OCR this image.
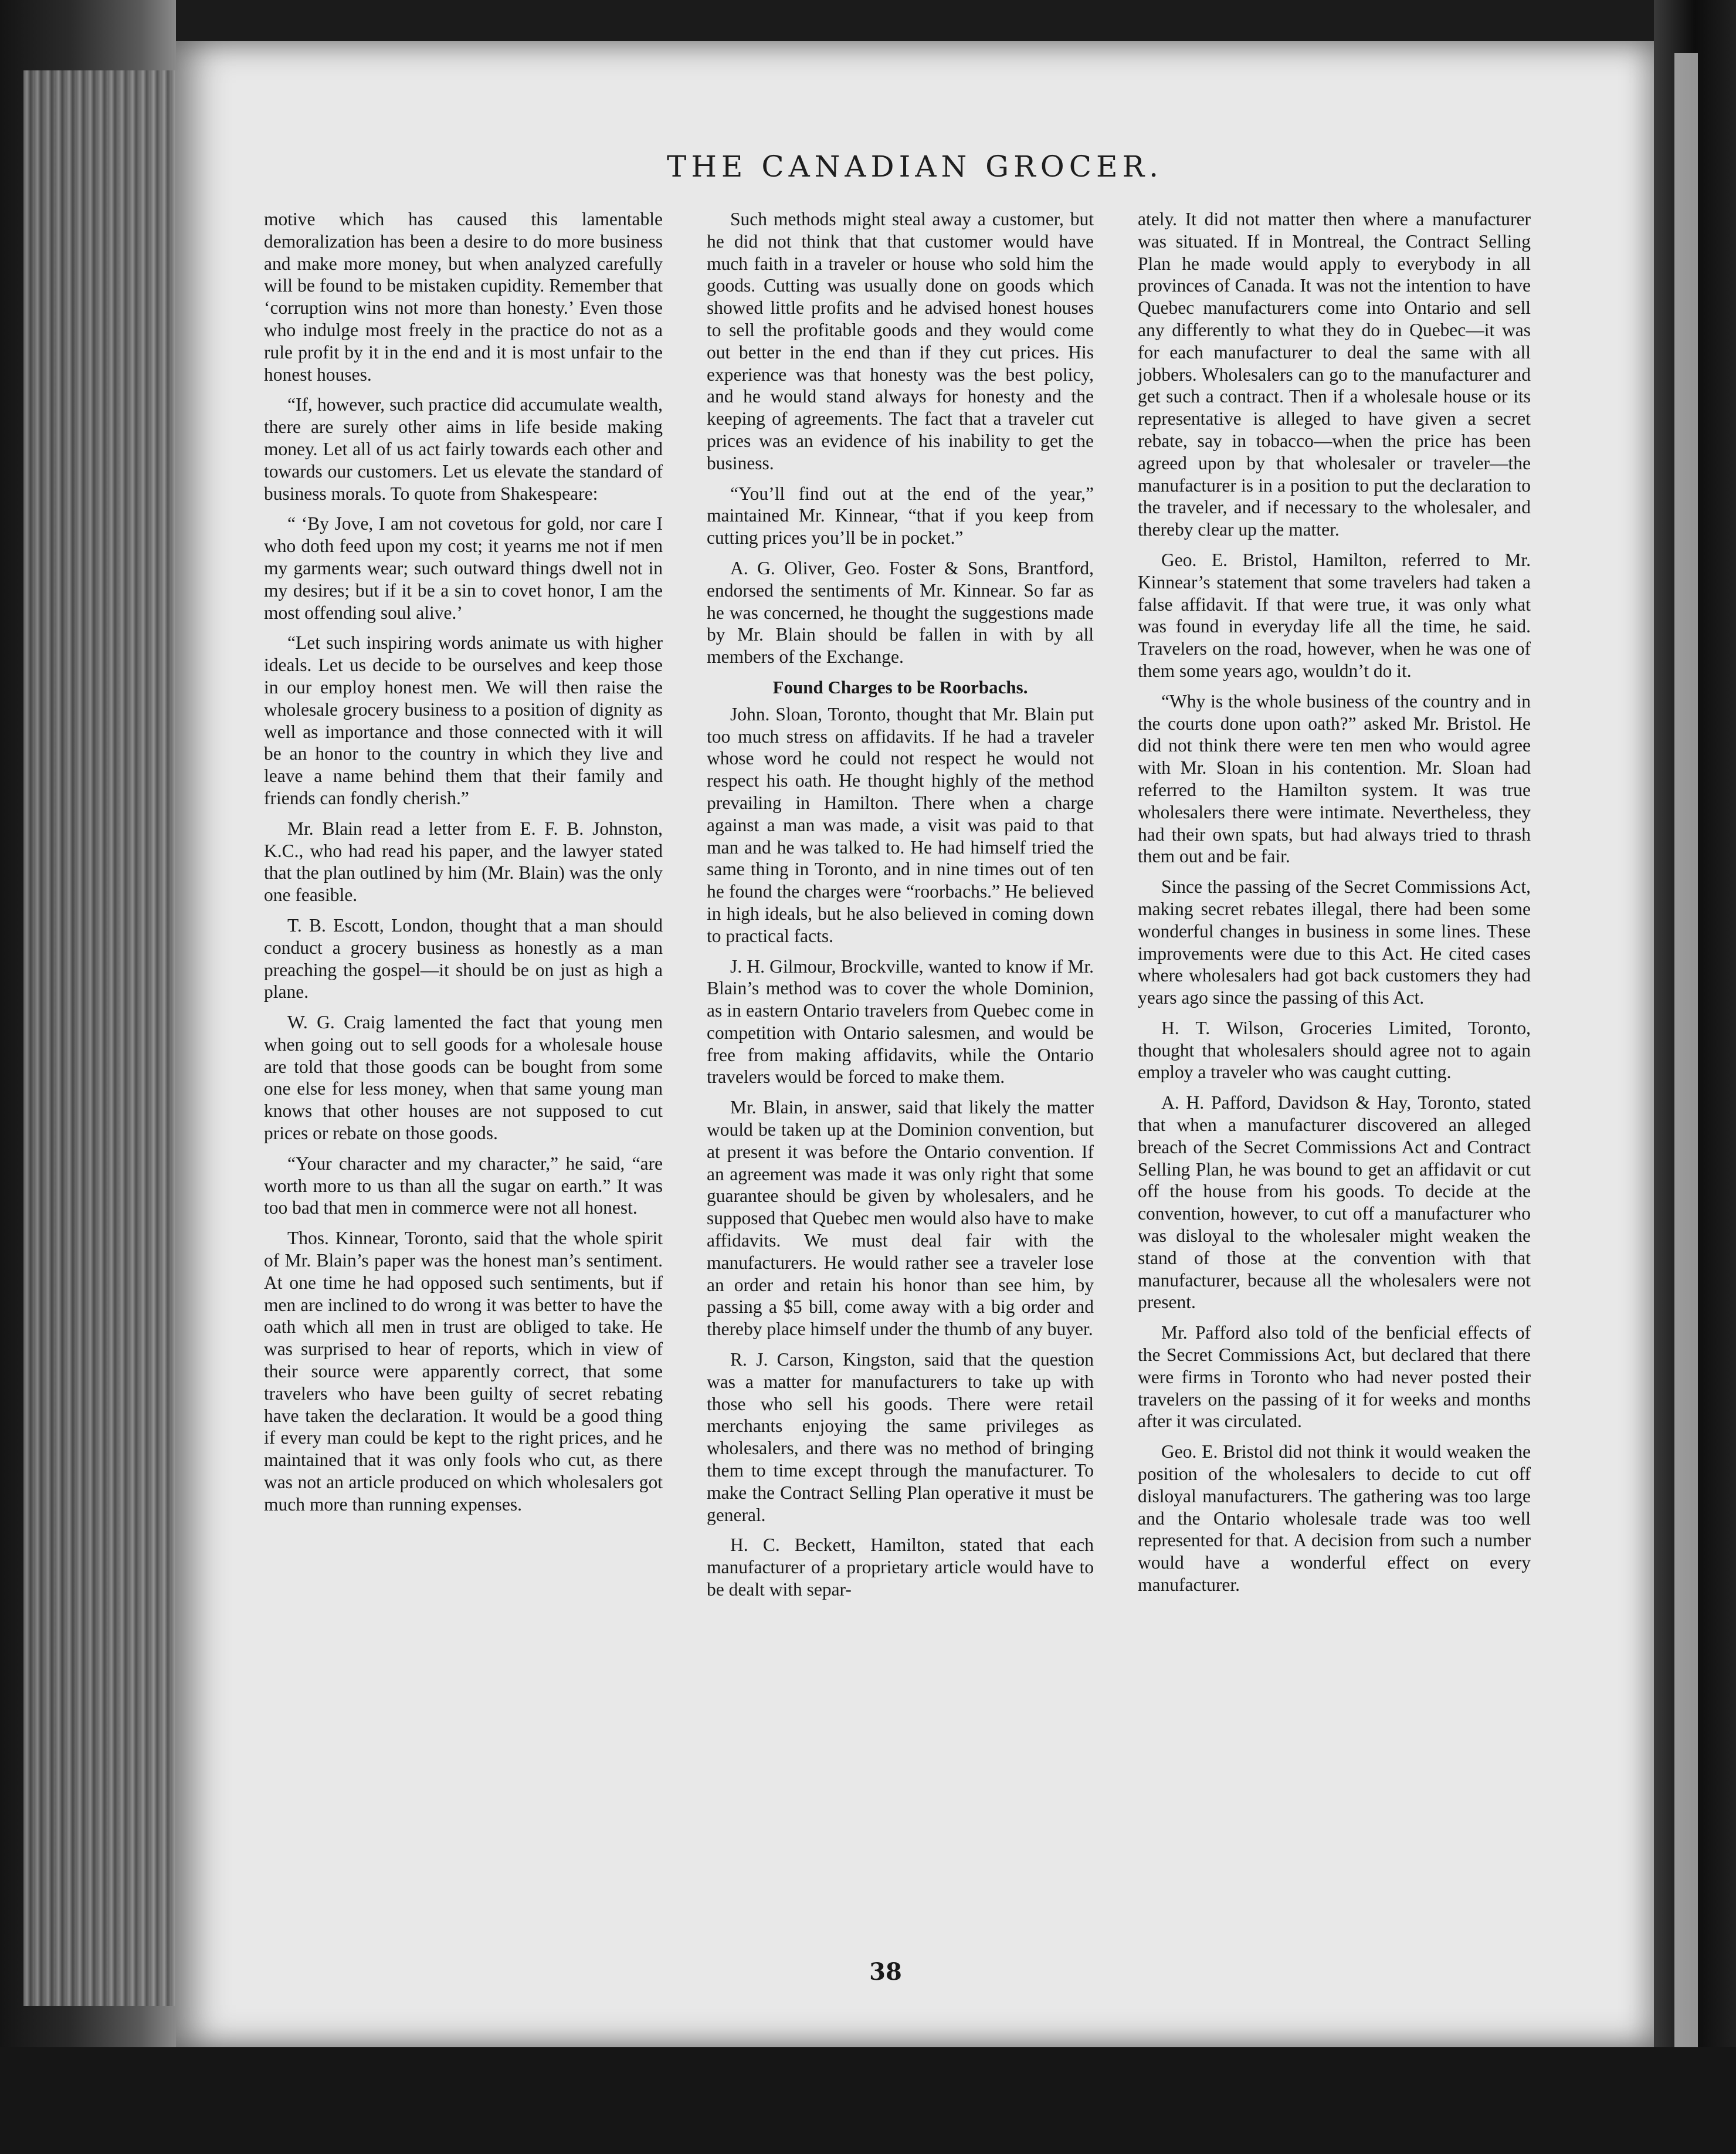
THE CANADIAN GROCER.

motive which has caused this lamentable demoralization has been a desire to do more business and make more money, but when analyzed carefully will be found to be mistaken cupidity. Remember that ‘corruption wins not more than honesty.’ Even those who indulge most freely in the practice do not as a rule profit by it in the end and it is most unfair to the honest houses.

“If, however, such practice did accumulate wealth, there are surely other aims in life beside making money. Let all of us act fairly towards each other and towards our customers. Let us elevate the standard of business morals. To quote from Shakespeare:

“ ‘By Jove, I am not covetous for gold, nor care I who doth feed upon my cost; it yearns me not if men my garments wear; such outward things dwell not in my desires; but if it be a sin to covet honor, I am the most offending soul alive.’

“Let such inspiring words animate us with higher ideals. Let us decide to be ourselves and keep those in our employ honest men. We will then raise the wholesale grocery business to a position of dignity as well as importance and those connected with it will be an honor to the country in which they live and leave a name behind them that their family and friends can fondly cherish.”

Mr. Blain read a letter from E. F. B. Johnston, K.C., who had read his paper, and the lawyer stated that the plan outlined by him (Mr. Blain) was the only one feasible.

T. B. Escott, London, thought that a man should conduct a grocery business as honestly as a man preaching the gospel—it should be on just as high a plane.

W. G. Craig lamented the fact that young men when going out to sell goods for a wholesale house are told that those goods can be bought from some one else for less money, when that same young man knows that other houses are not supposed to cut prices or rebate on those goods.

“Your character and my character,” he said, “are worth more to us than all the sugar on earth.” It was too bad that men in commerce were not all honest.

Thos. Kinnear, Toronto, said that the whole spirit of Mr. Blain’s paper was the honest man’s sentiment. At one time he had opposed such sentiments, but if men are inclined to do wrong it was better to have the oath which all men in trust are obliged to take. He was surprised to hear of reports, which in view of their source were apparently correct, that some travelers who have been guilty of secret rebating have taken the declaration. It would be a good thing if every man could be kept to the right prices, and he maintained that it was only fools who cut, as there was not an article produced on which wholesalers got much more than running expenses.

Such methods might steal away a customer, but he did not think that that customer would have much faith in a traveler or house who sold him the goods. Cutting was usually done on goods which showed little profits and he advised honest houses to sell the profitable goods and they would come out better in the end than if they cut prices. His experience was that honesty was the best policy, and he would stand always for honesty and the keeping of agreements. The fact that a traveler cut prices was an evidence of his inability to get the business.

“You’ll find out at the end of the year,” maintained Mr. Kinnear, “that if you keep from cutting prices you’ll be in pocket.”

A. G. Oliver, Geo. Foster & Sons, Brantford, endorsed the sentiments of Mr. Kinnear. So far as he was concerned, he thought the suggestions made by Mr. Blain should be fallen in with by all members of the Exchange.

Found Charges to be Roorbachs.

John. Sloan, Toronto, thought that Mr. Blain put too much stress on affidavits. If he had a traveler whose word he could not respect he would not respect his oath. He thought highly of the method prevailing in Hamilton. There when a charge against a man was made, a visit was paid to that man and he was talked to. He had himself tried the same thing in Toronto, and in nine times out of ten he found the charges were “roorbachs.” He believed in high ideals, but he also believed in coming down to practical facts.

J. H. Gilmour, Brockville, wanted to know if Mr. Blain’s method was to cover the whole Dominion, as in eastern Ontario travelers from Quebec come in competition with Ontario salesmen, and would be free from making affidavits, while the Ontario travelers would be forced to make them.

Mr. Blain, in answer, said that likely the matter would be taken up at the Dominion convention, but at present it was before the Ontario convention. If an agreement was made it was only right that some guarantee should be given by wholesalers, and he supposed that Quebec men would also have to make affidavits. We must deal fair with the manufacturers. He would rather see a traveler lose an order and retain his honor than see him, by passing a $5 bill, come away with a big order and thereby place himself under the thumb of any buyer.

R. J. Carson, Kingston, said that the question was a matter for manufacturers to take up with those who sell his goods. There were retail merchants enjoying the same privileges as wholesalers, and there was no method of bringing them to time except through the manufacturer. To make the Contract Selling Plan operative it must be general.

H. C. Beckett, Hamilton, stated that each manufacturer of a proprietary article would have to be dealt with separ-

ately. It did not matter then where a manufacturer was situated. If in Montreal, the Contract Selling Plan he made would apply to everybody in all provinces of Canada. It was not the intention to have Quebec manufacturers come into Ontario and sell any differently to what they do in Quebec—it was for each manufacturer to deal the same with all jobbers. Wholesalers can go to the manufacturer and get such a contract. Then if a wholesale house or its representative is alleged to have given a secret rebate, say in tobacco—when the price has been agreed upon by that wholesaler or traveler—the manufacturer is in a position to put the declaration to the traveler, and if necessary to the wholesaler, and thereby clear up the matter.

Geo. E. Bristol, Hamilton, referred to Mr. Kinnear’s statement that some travelers had taken a false affidavit. If that were true, it was only what was found in everyday life all the time, he said. Travelers on the road, however, when he was one of them some years ago, wouldn’t do it.

“Why is the whole business of the country and in the courts done upon oath?” asked Mr. Bristol. He did not think there were ten men who would agree with Mr. Sloan in his contention. Mr. Sloan had referred to the Hamilton system. It was true wholesalers there were intimate. Nevertheless, they had their own spats, but had always tried to thrash them out and be fair.

Since the passing of the Secret Commissions Act, making secret rebates illegal, there had been some wonderful changes in business in some lines. These improvements were due to this Act. He cited cases where wholesalers had got back customers they had years ago since the passing of this Act.

H. T. Wilson, Groceries Limited, Toronto, thought that wholesalers should agree not to again employ a traveler who was caught cutting.

A. H. Pafford, Davidson & Hay, Toronto, stated that when a manufacturer discovered an alleged breach of the Secret Commissions Act and Contract Selling Plan, he was bound to get an affidavit or cut off the house from his goods. To decide at the convention, however, to cut off a manufacturer who was disloyal to the wholesaler might weaken the stand of those at the convention with that manufacturer, because all the wholesalers were not present.

Mr. Pafford also told of the benficial effects of the Secret Commissions Act, but declared that there were firms in Toronto who had never posted their travelers on the passing of it for weeks and months after it was circulated.

Geo. E. Bristol did not think it would weaken the position of the wholesalers to decide to cut off disloyal manufacturers. The gathering was too large and the Ontario wholesale trade was too well represented for that. A decision from such a number would have a wonderful effect on every manufacturer.

38
